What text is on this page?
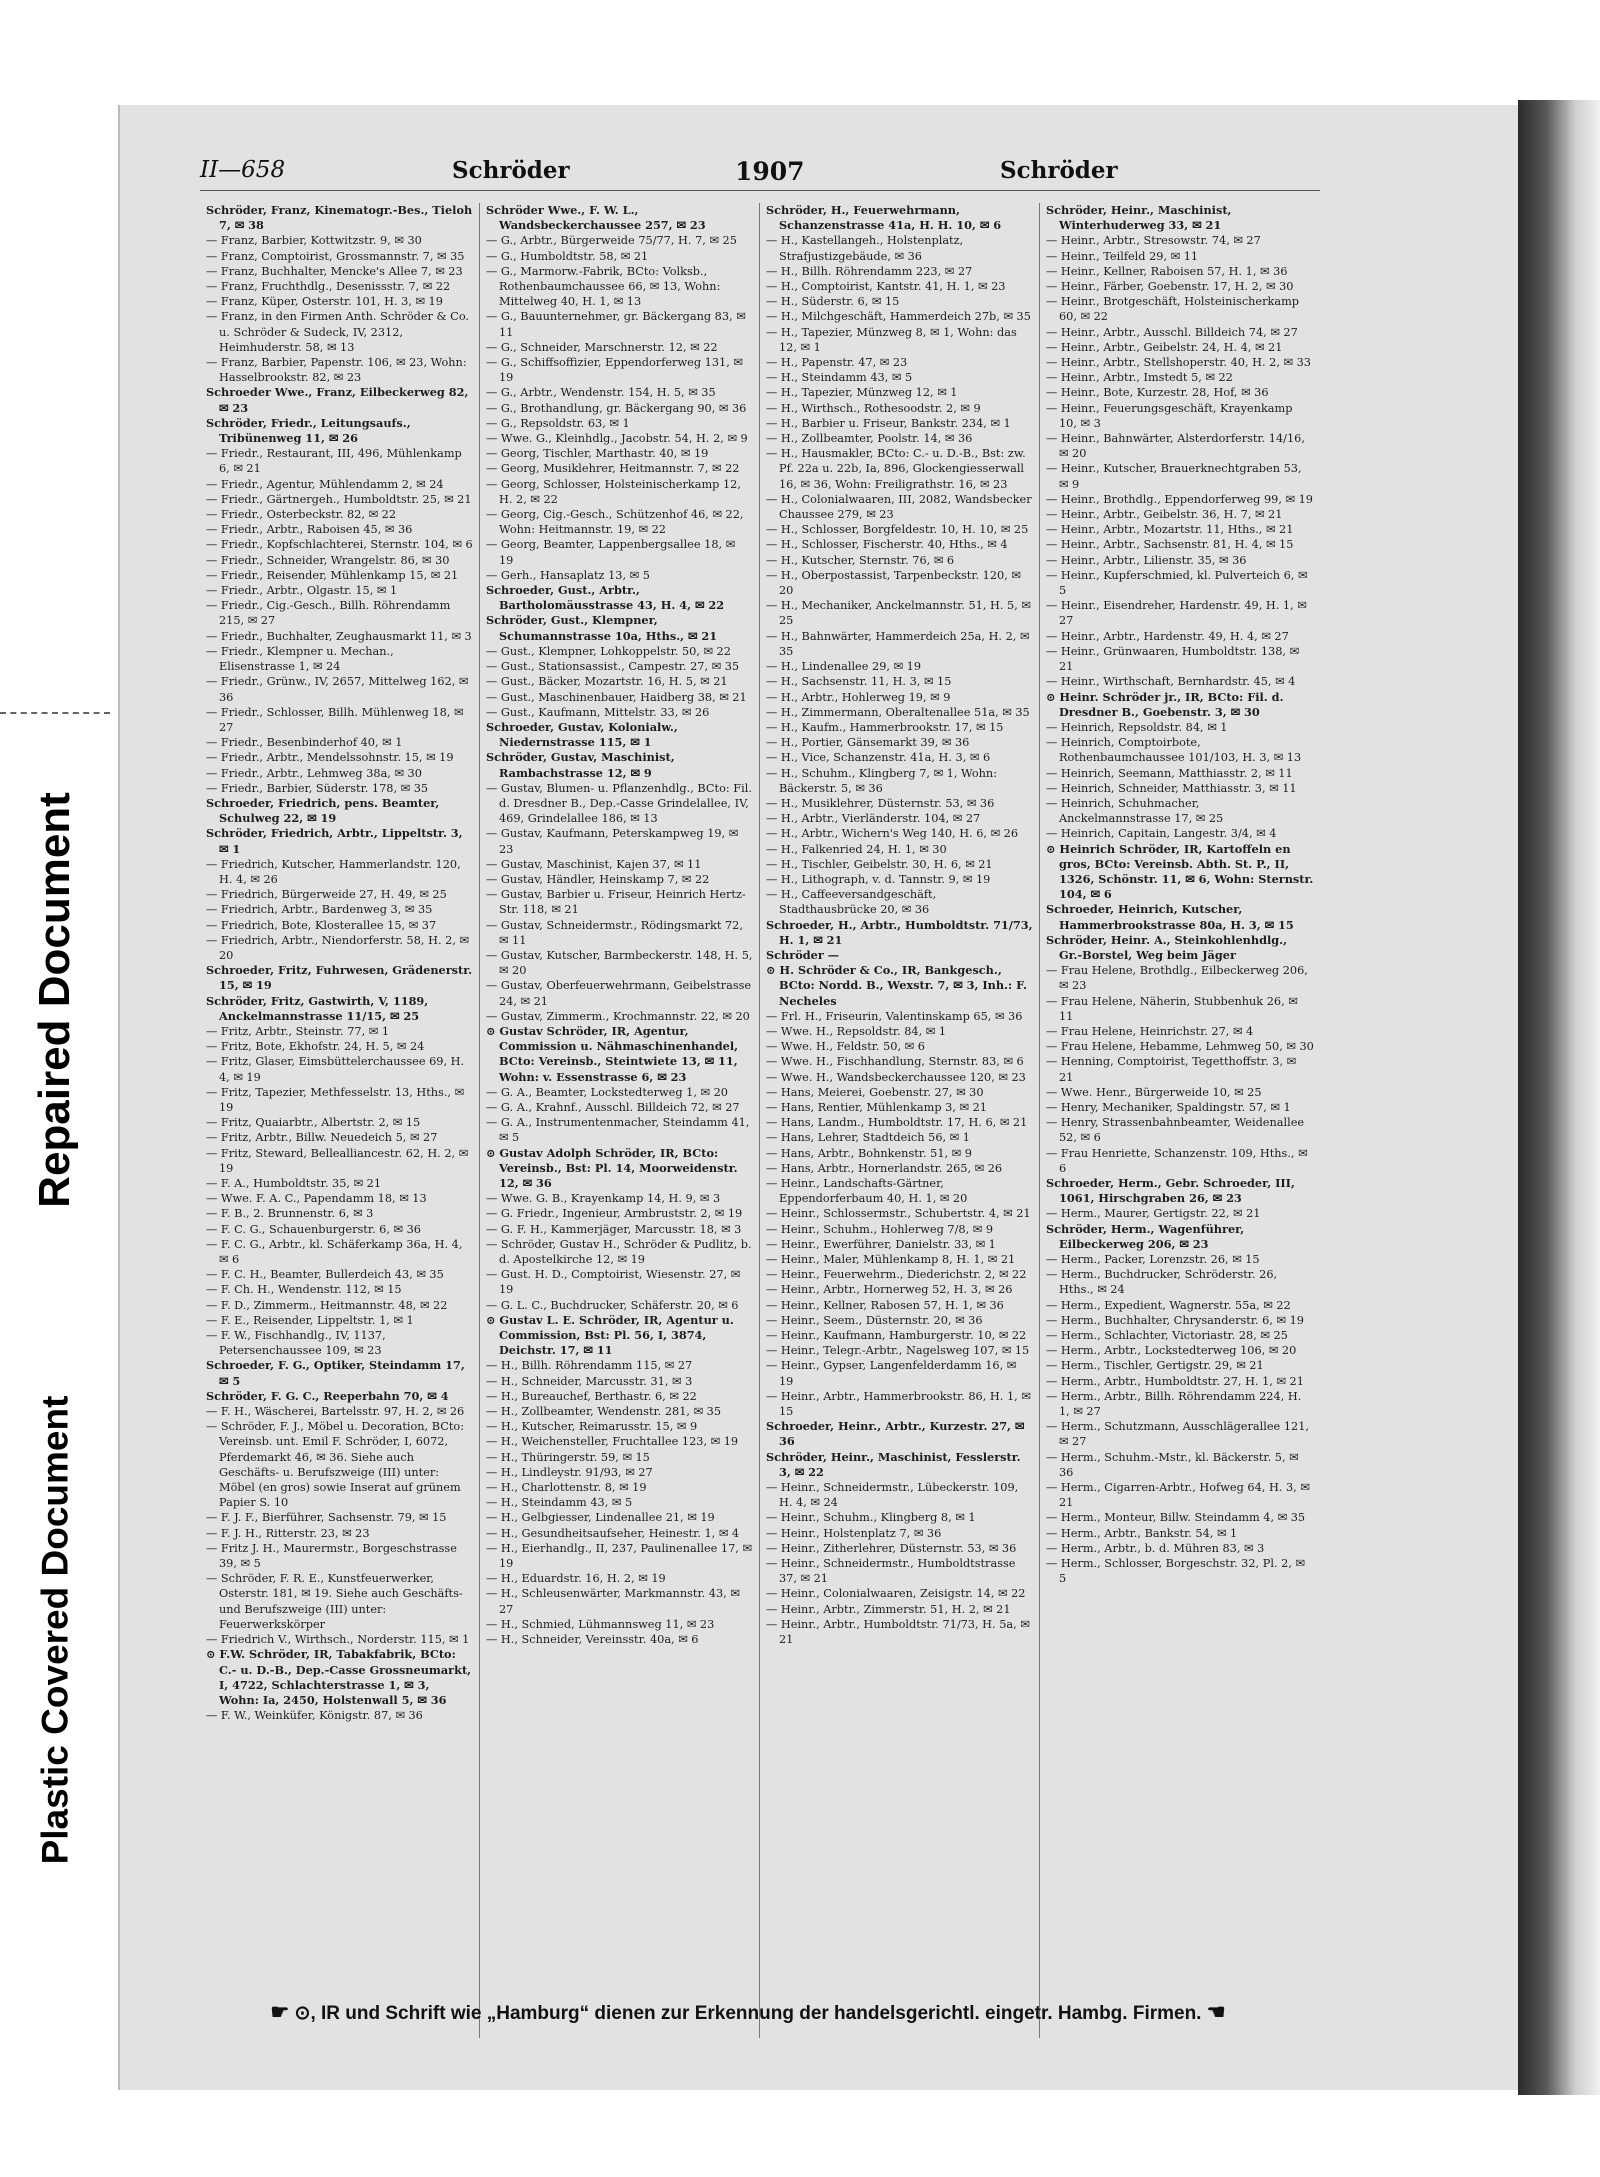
Repaired Document
Plastic Covered Document
II—658	Schröder	1907	Schröder
Schröder, Franz, Kinematogr.-Bes., Tieloh 7, ✉ 38
— Franz, Barbier, Kottwitzstr. 9, ✉ 30
— Franz, Comptoirist, Grossmannstr. 7, ✉ 35
— Franz, Buchhalter, Mencke's Allee 7, ✉ 23
— Franz, Fruchthdlg., Desenissstr. 7, ✉ 22
— Franz, Küper, Osterstr. 101, H. 3, ✉ 19
— Franz, in den Firmen Anth. Schröder & Co. u. Schröder & Sudeck, IV, 2312, Heimhuderstr. 58, ✉ 13
— Franz, Barbier, Papenstr. 106, ✉ 23, Wohn: Hasselbrookstr. 82, ✉ 23
Schroeder Wwe., Franz, Eilbeckerweg 82, ✉ 23
Schröder, Friedr., Leitungsaufs., Tribünenweg 11, ✉ 26
— Friedr., Restaurant, III, 496, Mühlenkamp 6, ✉ 21
— Friedr., Agentur, Mühlendamm 2, ✉ 24
— Friedr., Gärtnergeh., Humboldtstr. 25, ✉ 21
— Friedr., Osterbeckstr. 82, ✉ 22
— Friedr., Arbtr., Raboisen 45, ✉ 36
— Friedr., Kopfschlachterei, Sternstr. 104, ✉ 6
— Friedr., Schneider, Wrangelstr. 86, ✉ 30
— Friedr., Reisender, Mühlenkamp 15, ✉ 21
— Friedr., Arbtr., Olgastr. 15, ✉ 1
— Friedr., Cig.-Gesch., Billh. Röhrendamm 215, ✉ 27
— Friedr., Buchhalter, Zeughausmarkt 11, ✉ 3
— Friedr., Klempner u. Mechan., Elisenstrasse 1, ✉ 24
— Friedr., Grünw., IV, 2657, Mittelweg 162, ✉ 36
— Friedr., Schlosser, Billh. Mühlenweg 18, ✉ 27
— Friedr., Besenbinderhof 40, ✉ 1
— Friedr., Arbtr., Mendelssohnstr. 15, ✉ 19
— Friedr., Arbtr., Lehmweg 38a, ✉ 30
— Friedr., Barbier, Süderstr. 178, ✉ 35
Schroeder, Friedrich, pens. Beamter, Schulweg 22, ✉ 19
Schröder, Friedrich, Arbtr., Lippeltstr. 3, ✉ 1
— Friedrich, Kutscher, Hammerlandstr. 120, H. 4, ✉ 26
— Friedrich, Bürgerweide 27, H. 49, ✉ 25
— Friedrich, Arbtr., Bardenweg 3, ✉ 35
— Friedrich, Bote, Klosterallee 15, ✉ 37
— Friedrich, Arbtr., Niendorferstr. 58, H. 2, ✉ 20
Schroeder, Fritz, Fuhrwesen, Grädenerstr. 15, ✉ 19
Schröder, Fritz, Gastwirth, V, 1189, Anckelmannstrasse 11/15, ✉ 25
— Fritz, Arbtr., Steinstr. 77, ✉ 1
— Fritz, Bote, Ekhofstr. 24, H. 5, ✉ 24
— Fritz, Glaser, Eimsbüttelerchaussee 69, H. 4, ✉ 19
— Fritz, Tapezier, Methfesselstr. 13, Hths., ✉ 19
— Fritz, Quaiarbtr., Albertstr. 2, ✉ 15
— Fritz, Arbtr., Billw. Neuedeich 5, ✉ 27
— Fritz, Steward, Bellealliancestr. 62, H. 2, ✉ 19
— F. A., Humboldtstr. 35, ✉ 21
— Wwe. F. A. C., Papendamm 18, ✉ 13
— F. B., 2. Brunnenstr. 6, ✉ 3
— F. C. G., Schauenburgerstr. 6, ✉ 36
— F. C. G., Arbtr., kl. Schäferkamp 36a, H. 4, ✉ 6
— F. C. H., Beamter, Bullerdeich 43, ✉ 35
— F. Ch. H., Wendenstr. 112, ✉ 15
— F. D., Zimmerm., Heitmannstr. 48, ✉ 22
— F. E., Reisender, Lippeltstr. 1, ✉ 1
— F. W., Fischhandlg., IV, 1137, Petersenchaussee 109, ✉ 23
Schroeder, F. G., Optiker, Steindamm 17, ✉ 5
Schröder, F. G. C., Reeperbahn 70, ✉ 4
— F. H., Wäscherei, Bartelsstr. 97, H. 2, ✉ 26
— Schröder, F. J., Möbel u. Decoration, BCto: Vereinsb. unt. Emil F. Schröder, I, 6072, Pferdemarkt 46, ✉ 36. Siehe auch Geschäfts- u. Berufszweige (III) unter: Möbel (en gros) sowie Inserat auf grünem Papier S. 10
— F. J. F., Bierführer, Sachsenstr. 79, ✉ 15
— F. J. H., Ritterstr. 23, ✉ 23
— Fritz J. H., Maurermstr., Borgeschstrasse 39, ✉ 5
— Schröder, F. R. E., Kunstfeuerwerker, Osterstr. 181, ✉ 19. Siehe auch Geschäfts- und Berufszweige (III) unter: Feuerwerkskörper
— Friedrich V., Wirthsch., Norderstr. 115, ✉ 1
⊙ F.W. Schröder, IR, Tabakfabrik, BCto: C.- u. D.-B., Dep.-Casse Grossneumarkt, I, 4722, Schlachterstrasse 1, ✉ 3, Wohn: Ia, 2450, Holstenwall 5, ✉ 36
— F. W., Weinküfer, Königstr. 87, ✉ 36
Schröder Wwe., F. W. L., Wandsbeckerchaussee 257, ✉ 23
— G., Arbtr., Bürgerweide 75/77, H. 7, ✉ 25
— G., Humboldtstr. 58, ✉ 21
— G., Marmorw.-Fabrik, BCto: Volksb., Rothenbaumchaussee 66, ✉ 13, Wohn: Mittelweg 40, H. 1, ✉ 13
— G., Bauunternehmer, gr. Bäckergang 83, ✉ 11
— G., Schneider, Marschnerstr. 12, ✉ 22
— G., Schiffsoffizier, Eppendorferweg 131, ✉ 19
— G., Arbtr., Wendenstr. 154, H. 5, ✉ 35
— G., Brothandlung, gr. Bäckergang 90, ✉ 36
— G., Repsoldstr. 63, ✉ 1
— Wwe. G., Kleinhdlg., Jacobstr. 54, H. 2, ✉ 9
— Georg, Tischler, Marthastr. 40, ✉ 19
— Georg, Musiklehrer, Heitmannstr. 7, ✉ 22
— Georg, Schlosser, Holsteinischerkamp 12, H. 2, ✉ 22
— Georg, Cig.-Gesch., Schützenhof 46, ✉ 22, Wohn: Heitmannstr. 19, ✉ 22
— Georg, Beamter, Lappenbergsallee 18, ✉ 19
— Gerh., Hansaplatz 13, ✉ 5
Schroeder, Gust., Arbtr., Bartholomäusstrasse 43, H. 4, ✉ 22
Schröder, Gust., Klempner, Schumannstrasse 10a, Hths., ✉ 21
— Gust., Klempner, Lohkoppelstr. 50, ✉ 22
— Gust., Stationsassist., Campestr. 27, ✉ 35
— Gust., Bäcker, Mozartstr. 16, H. 5, ✉ 21
— Gust., Maschinenbauer, Haidberg 38, ✉ 21
— Gust., Kaufmann, Mittelstr. 33, ✉ 26
Schroeder, Gustav, Kolonialw., Niedernstrasse 115, ✉ 1
Schröder, Gustav, Maschinist, Rambachstrasse 12, ✉ 9
— Gustav, Blumen- u. Pflanzenhdlg., BCto: Fil. d. Dresdner B., Dep.-Casse Grindelallee, IV, 469, Grindelallee 186, ✉ 13
— Gustav, Kaufmann, Peterskampweg 19, ✉ 23
— Gustav, Maschinist, Kajen 37, ✉ 11
— Gustav, Händler, Heinskamp 7, ✉ 22
— Gustav, Barbier u. Friseur, Heinrich Hertz-Str. 118, ✉ 21
— Gustav, Schneidermstr., Rödingsmarkt 72, ✉ 11
— Gustav, Kutscher, Barmbeckerstr. 148, H. 5, ✉ 20
— Gustav, Oberfeuerwehrmann, Geibelstrasse 24, ✉ 21
— Gustav, Zimmerm., Krochmannstr. 22, ✉ 20
⊙ Gustav Schröder, IR, Agentur, Commission u. Nähmaschinenhandel, BCto: Vereinsb., Steintwiete 13, ✉ 11, Wohn: v. Essenstrasse 6, ✉ 23
— G. A., Beamter, Lockstedterweg 1, ✉ 20
— G. A., Krahnf., Ausschl. Billdeich 72, ✉ 27
— G. A., Instrumentenmacher, Steindamm 41, ✉ 5
⊙ Gustav Adolph Schröder, IR, BCto: Vereinsb., Bst: Pl. 14, Moorweidenstr. 12, ✉ 36
— Wwe. G. B., Krayenkamp 14, H. 9, ✉ 3
— G. Friedr., Ingenieur, Armbruststr. 2, ✉ 19
— G. F. H., Kammerjäger, Marcusstr. 18, ✉ 3
— Schröder, Gustav H., Schröder & Pudlitz, b. d. Apostelkirche 12, ✉ 19
— Gust. H. D., Comptoirist, Wiesenstr. 27, ✉ 19
— G. L. C., Buchdrucker, Schäferstr. 20, ✉ 6
⊙ Gustav L. E. Schröder, IR, Agentur u. Commission, Bst: Pl. 56, I, 3874, Deichstr. 17, ✉ 11
— H., Billh. Röhrendamm 115, ✉ 27
— H., Schneider, Marcusstr. 31, ✉ 3
— H., Bureauchef, Berthastr. 6, ✉ 22
— H., Zollbeamter, Wendenstr. 281, ✉ 35
— H., Kutscher, Reimarusstr. 15, ✉ 9
— H., Weichensteller, Fruchtallee 123, ✉ 19
— H., Thüringerstr. 59, ✉ 15
— H., Lindleystr. 91/93, ✉ 27
— H., Charlottenstr. 8, ✉ 19
— H., Steindamm 43, ✉ 5
— H., Gelbgiesser, Lindenallee 21, ✉ 19
— H., Gesundheitsaufseher, Heinestr. 1, ✉ 4
— H., Eierhandlg., II, 237, Paulinenallee 17, ✉ 19
— H., Eduardstr. 16, H. 2, ✉ 19
— H., Schleusenwärter, Markmannstr. 43, ✉ 27
— H., Schmied, Lühmannsweg 11, ✉ 23
— H., Schneider, Vereinsstr. 40a, ✉ 6
Schröder, H., Feuerwehrmann, Schanzenstrasse 41a, H. H. 10, ✉ 6
— H., Kastellangeh., Holstenplatz, Strafjustizgebäude, ✉ 36
— H., Billh. Röhrendamm 223, ✉ 27
— H., Comptoirist, Kantstr. 41, H. 1, ✉ 23
— H., Süderstr. 6, ✉ 15
— H., Milchgeschäft, Hammerdeich 27b, ✉ 35
— H., Tapezier, Münzweg 8, ✉ 1, Wohn: das 12, ✉ 1
— H., Papenstr. 47, ✉ 23
— H., Steindamm 43, ✉ 5
— H., Tapezier, Münzweg 12, ✉ 1
— H., Wirthsch., Rothesoodstr. 2, ✉ 9
— H., Barbier u. Friseur, Bankstr. 234, ✉ 1
— H., Zollbeamter, Poolstr. 14, ✉ 36
— H., Hausmakler, BCto: C.- u. D.-B., Bst: zw. Pf. 22a u. 22b, Ia, 896, Glockengiesserwall 16, ✉ 36, Wohn: Freiligrathstr. 16, ✉ 23
— H., Colonialwaaren, III, 2082, Wandsbecker Chaussee 279, ✉ 23
— H., Schlosser, Borgfeldestr. 10, H. 10, ✉ 25
— H., Schlosser, Fischerstr. 40, Hths., ✉ 4
— H., Kutscher, Sternstr. 76, ✉ 6
— H., Oberpostassist, Tarpenbeckstr. 120, ✉ 20
— H., Mechaniker, Anckelmannstr. 51, H. 5, ✉ 25
— H., Bahnwärter, Hammerdeich 25a, H. 2, ✉ 35
— H., Lindenallee 29, ✉ 19
— H., Sachsenstr. 11, H. 3, ✉ 15
— H., Arbtr., Hohlerweg 19, ✉ 9
— H., Zimmermann, Oberaltenallee 51a, ✉ 35
— H., Kaufm., Hammerbrookstr. 17, ✉ 15
— H., Portier, Gänsemarkt 39, ✉ 36
— H., Vice, Schanzenstr. 41a, H. 3, ✉ 6
— H., Schuhm., Klingberg 7, ✉ 1, Wohn: Bäckerstr. 5, ✉ 36
— H., Musiklehrer, Düsternstr. 53, ✉ 36
— H., Arbtr., Vierländerstr. 104, ✉ 27
— H., Arbtr., Wichern's Weg 140, H. 6, ✉ 26
— H., Falkenried 24, H. 1, ✉ 30
— H., Tischler, Geibelstr. 30, H. 6, ✉ 21
— H., Lithograph, v. d. Tannstr. 9, ✉ 19
— H., Caffeeversandgeschäft, Stadthausbrücke 20, ✉ 36
Schroeder, H., Arbtr., Humboldtstr. 71/73, H. 1, ✉ 21
Schröder —
⊙ H. Schröder & Co., IR, Bankgesch., BCto: Nordd. B., Wexstr. 7, ✉ 3, Inh.: F. Necheles
— Frl. H., Friseurin, Valentinskamp 65, ✉ 36
— Wwe. H., Repsoldstr. 84, ✉ 1
— Wwe. H., Feldstr. 50, ✉ 6
— Wwe. H., Fischhandlung, Sternstr. 83, ✉ 6
— Wwe. H., Wandsbeckerchaussee 120, ✉ 23
— Hans, Meierei, Goebenstr. 27, ✉ 30
— Hans, Rentier, Mühlenkamp 3, ✉ 21
— Hans, Landm., Humboldtstr. 17, H. 6, ✉ 21
— Hans, Lehrer, Stadtdeich 56, ✉ 1
— Hans, Arbtr., Bohnkenstr. 51, ✉ 9
— Hans, Arbtr., Hornerlandstr. 265, ✉ 26
— Heinr., Landschafts-Gärtner, Eppendorferbaum 40, H. 1, ✉ 20
— Heinr., Schlossermstr., Schubertstr. 4, ✉ 21
— Heinr., Schuhm., Hohlerweg 7/8, ✉ 9
— Heinr., Ewerführer, Danielstr. 33, ✉ 1
— Heinr., Maler, Mühlenkamp 8, H. 1, ✉ 21
— Heinr., Feuerwehrm., Diederichstr. 2, ✉ 22
— Heinr., Arbtr., Hornerweg 52, H. 3, ✉ 26
— Heinr., Kellner, Rabosen 57, H. 1, ✉ 36
— Heinr., Seem., Düsternstr. 20, ✉ 36
— Heinr., Kaufmann, Hamburgerstr. 10, ✉ 22
— Heinr., Telegr.-Arbtr., Nagelsweg 107, ✉ 15
— Heinr., Gypser, Langenfelderdamm 16, ✉ 19
— Heinr., Arbtr., Hammerbrookstr. 86, H. 1, ✉ 15
Schroeder, Heinr., Arbtr., Kurzestr. 27, ✉ 36
Schröder, Heinr., Maschinist, Fesslerstr. 3, ✉ 22
— Heinr., Schneidermstr., Lübeckerstr. 109, H. 4, ✉ 24
— Heinr., Schuhm., Klingberg 8, ✉ 1
— Heinr., Holstenplatz 7, ✉ 36
— Heinr., Zitherlehrer, Düsternstr. 53, ✉ 36
— Heinr., Schneidermstr., Humboldtstrasse 37, ✉ 21
— Heinr., Colonialwaaren, Zeisigstr. 14, ✉ 22
— Heinr., Arbtr., Zimmerstr. 51, H. 2, ✉ 21
— Heinr., Arbtr., Humboldtstr. 71/73, H. 5a, ✉ 21
Schröder, Heinr., Maschinist, Winterhuderweg 33, ✉ 21
— Heinr., Arbtr., Stresowstr. 74, ✉ 27
— Heinr., Teilfeld 29, ✉ 11
— Heinr., Kellner, Raboisen 57, H. 1, ✉ 36
— Heinr., Färber, Goebenstr. 17, H. 2, ✉ 30
— Heinr., Brotgeschäft, Holsteinischerkamp 60, ✉ 22
— Heinr., Arbtr., Ausschl. Billdeich 74, ✉ 27
— Heinr., Arbtr., Geibelstr. 24, H. 4, ✉ 21
— Heinr., Arbtr., Stellshoperstr. 40, H. 2, ✉ 33
— Heinr., Arbtr., Imstedt 5, ✉ 22
— Heinr., Bote, Kurzestr. 28, Hof, ✉ 36
— Heinr., Feuerungsgeschäft, Krayenkamp 10, ✉ 3
— Heinr., Bahnwärter, Alsterdorferstr. 14/16, ✉ 20
— Heinr., Kutscher, Brauerknechtgraben 53, ✉ 9
— Heinr., Brothdlg., Eppendorferweg 99, ✉ 19
— Heinr., Arbtr., Geibelstr. 36, H. 7, ✉ 21
— Heinr., Arbtr., Mozartstr. 11, Hths., ✉ 21
— Heinr., Arbtr., Sachsenstr. 81, H. 4, ✉ 15
— Heinr., Arbtr., Lilienstr. 35, ✉ 36
— Heinr., Kupferschmied, kl. Pulverteich 6, ✉ 5
— Heinr., Eisendreher, Hardenstr. 49, H. 1, ✉ 27
— Heinr., Arbtr., Hardenstr. 49, H. 4, ✉ 27
— Heinr., Grünwaaren, Humboldtstr. 138, ✉ 21
— Heinr., Wirthschaft, Bernhardstr. 45, ✉ 4
⊙ Heinr. Schröder jr., IR, BCto: Fil. d. Dresdner B., Goebenstr. 3, ✉ 30
— Heinrich, Repsoldstr. 84, ✉ 1
— Heinrich, Comptoirbote, Rothenbaumchaussee 101/103, H. 3, ✉ 13
— Heinrich, Seemann, Matthiasstr. 2, ✉ 11
— Heinrich, Schneider, Matthiasstr. 3, ✉ 11
— Heinrich, Schuhmacher, Anckelmannstrasse 17, ✉ 25
— Heinrich, Capitain, Langestr. 3/4, ✉ 4
⊙ Heinrich Schröder, IR, Kartoffeln en gros, BCto: Vereinsb. Abth. St. P., II, 1326, Schönstr. 11, ✉ 6, Wohn: Sternstr. 104, ✉ 6
Schroeder, Heinrich, Kutscher, Hammerbrookstrasse 80a, H. 3, ✉ 15
Schröder, Heinr. A., Steinkohlenhdlg., Gr.-Borstel, Weg beim Jäger
— Frau Helene, Brothdlg., Eilbeckerweg 206, ✉ 23
— Frau Helene, Näherin, Stubbenhuk 26, ✉ 11
— Frau Helene, Heinrichstr. 27, ✉ 4
— Frau Helene, Hebamme, Lehmweg 50, ✉ 30
— Henning, Comptoirist, Tegetthoffstr. 3, ✉ 21
— Wwe. Henr., Bürgerweide 10, ✉ 25
— Henry, Mechaniker, Spaldingstr. 57, ✉ 1
— Henry, Strassenbahnbeamter, Weidenallee 52, ✉ 6
— Frau Henriette, Schanzenstr. 109, Hths., ✉ 6
Schroeder, Herm., Gebr. Schroeder, III, 1061, Hirschgraben 26, ✉ 23
— Herm., Maurer, Gertigstr. 22, ✉ 21
Schröder, Herm., Wagenführer, Eilbeckerweg 206, ✉ 23
— Herm., Packer, Lorenzstr. 26, ✉ 15
— Herm., Buchdrucker, Schröderstr. 26, Hths., ✉ 24
— Herm., Expedient, Wagnerstr. 55a, ✉ 22
— Herm., Buchhalter, Chrysanderstr. 6, ✉ 19
— Herm., Schlachter, Victoriastr. 28, ✉ 25
— Herm., Arbtr., Lockstedterweg 106, ✉ 20
— Herm., Tischler, Gertigstr. 29, ✉ 21
— Herm., Arbtr., Humboldtstr. 27, H. 1, ✉ 21
— Herm., Arbtr., Billh. Röhrendamm 224, H. 1, ✉ 27
— Herm., Schutzmann, Ausschlägerallee 121, ✉ 27
— Herm., Schuhm.-Mstr., kl. Bäckerstr. 5, ✉ 36
— Herm., Cigarren-Arbtr., Hofweg 64, H. 3, ✉ 21
— Herm., Monteur, Billw. Steindamm 4, ✉ 35
— Herm., Arbtr., Bankstr. 54, ✉ 1
— Herm., Arbtr., b. d. Mühren 83, ✉ 3
— Herm., Schlosser, Borgeschstr. 32, Pl. 2, ✉ 5
☛ ⊙, IR und Schrift wie „Hamburg“ dienen zur Erkennung der handelsgerichtl. eingetr. Hambg. Firmen. ☚
